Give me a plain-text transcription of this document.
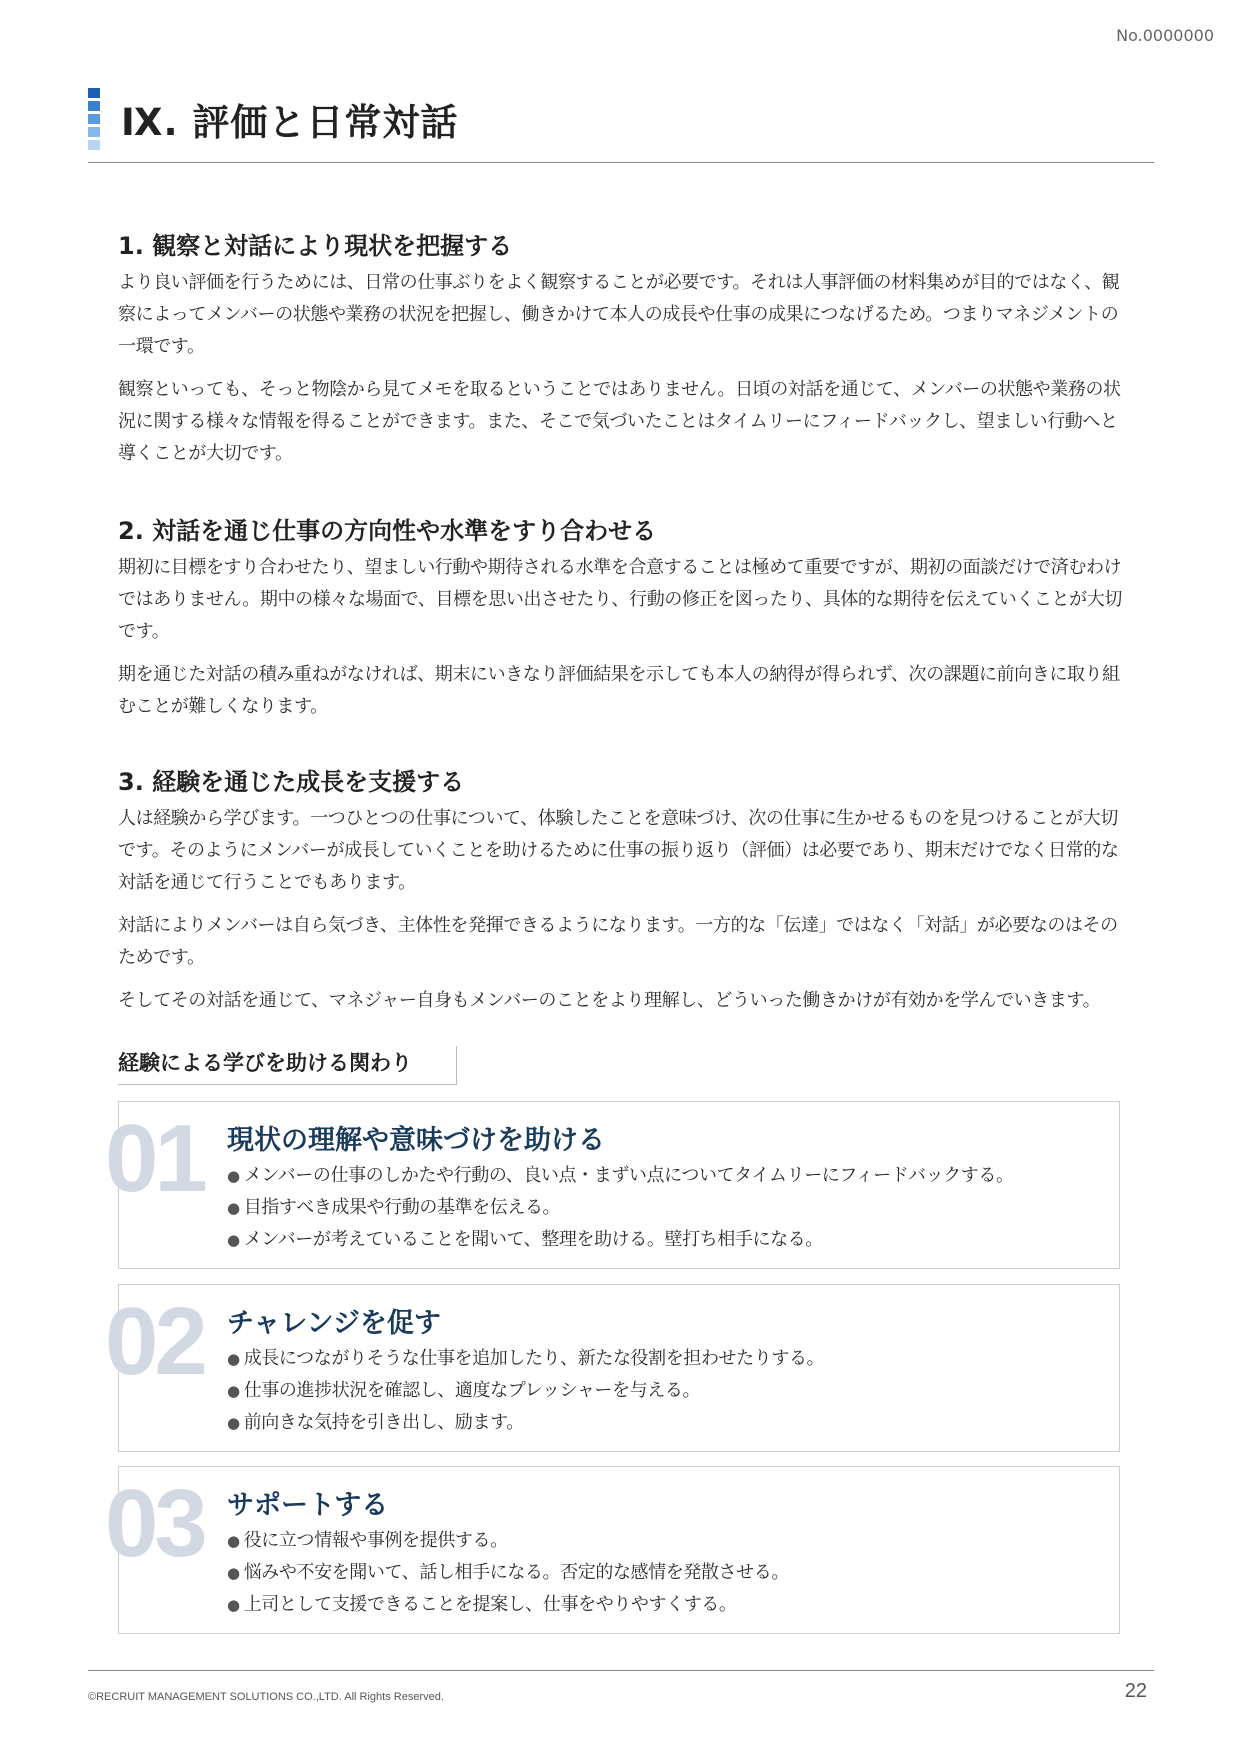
No.0000000
Ⅸ. 評価と日常対話
1. 観察と対話により現状を把握する

より良い評価を行うためには、日常の仕事ぶりをよく観察することが必要です。それは人事評価の材料集めが目的ではなく、観察によってメンバーの状態や業務の状況を把握し、働きかけて本人の成長や仕事の成果につなげるため。つまりマネジメントの一環です。

観察といっても、そっと物陰から見てメモを取るということではありません。日頃の対話を通じて、メンバーの状態や業務の状況に関する様々な情報を得ることができます。また、そこで気づいたことはタイムリーにフィードバックし、望ましい行動へと導くことが大切です。

2. 対話を通じ仕事の方向性や水準をすり合わせる

期初に目標をすり合わせたり、望ましい行動や期待される水準を合意することは極めて重要ですが、期初の面談だけで済むわけではありません。期中の様々な場面で、目標を思い出させたり、行動の修正を図ったり、具体的な期待を伝えていくことが大切です。

期を通じた対話の積み重ねがなければ、期末にいきなり評価結果を示しても本人の納得が得られず、次の課題に前向きに取り組むことが難しくなります。

3. 経験を通じた成長を支援する

人は経験から学びます。一つひとつの仕事について、体験したことを意味づけ、次の仕事に生かせるものを見つけることが大切です。そのようにメンバーが成長していくことを助けるために仕事の振り返り（評価）は必要であり、期末だけでなく日常的な対話を通じて行うことでもあります。

対話によりメンバーは自ら気づき、主体性を発揮できるようになります。一方的な「伝達」ではなく「対話」が必要なのはそのためです。

そしてその対話を通じて、マネジャー自身もメンバーのことをより理解し、どういった働きかけが有効かを学んでいきます。

経験による学びを助ける関わり
01 現状の理解や意味づけを助ける
● メンバーの仕事のしかたや行動の、良い点・まずい点についてタイムリーにフィードバックする。
● 目指すべき成果や行動の基準を伝える。
● メンバーが考えていることを聞いて、整理を助ける。壁打ち相手になる。
02 チャレンジを促す
● 成長につながりそうな仕事を追加したり、新たな役割を担わせたりする。
● 仕事の進捗状況を確認し、適度なプレッシャーを与える。
● 前向きな気持を引き出し、励ます。
03 サポートする
● 役に立つ情報や事例を提供する。
● 悩みや不安を聞いて、話し相手になる。否定的な感情を発散させる。
● 上司として支援できることを提案し、仕事をやりやすくする。
©RECRUIT MANAGEMENT SOLUTIONS CO.,LTD. All Rights Reserved.	22
